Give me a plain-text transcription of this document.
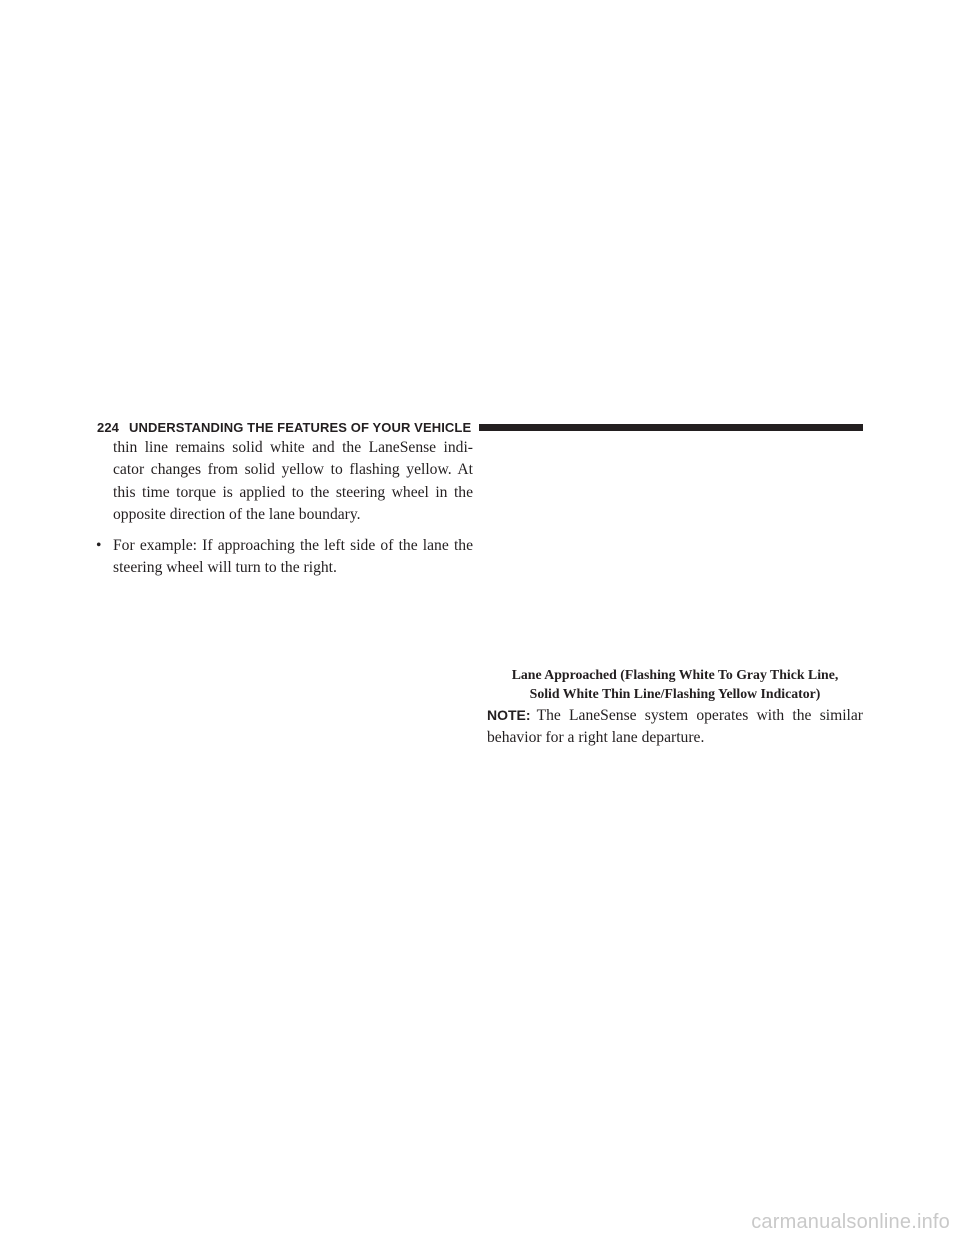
224 UNDERSTANDING THE FEATURES OF YOUR VEHICLE

thin line remains solid white and the LaneSense indi- cator changes from solid yellow to flashing yellow. At this time torque is applied to the steering wheel in the opposite direction of the lane boundary.

• For example: If approaching the left side of the lane the steering wheel will turn to the right.

Lane Approached (Flashing White To Gray Thick Line,
Solid White Thin Line/Flashing Yellow Indicator)
NOTE: The LaneSense system operates with the similar behavior for a right lane departure.
carmanualsonline.info
